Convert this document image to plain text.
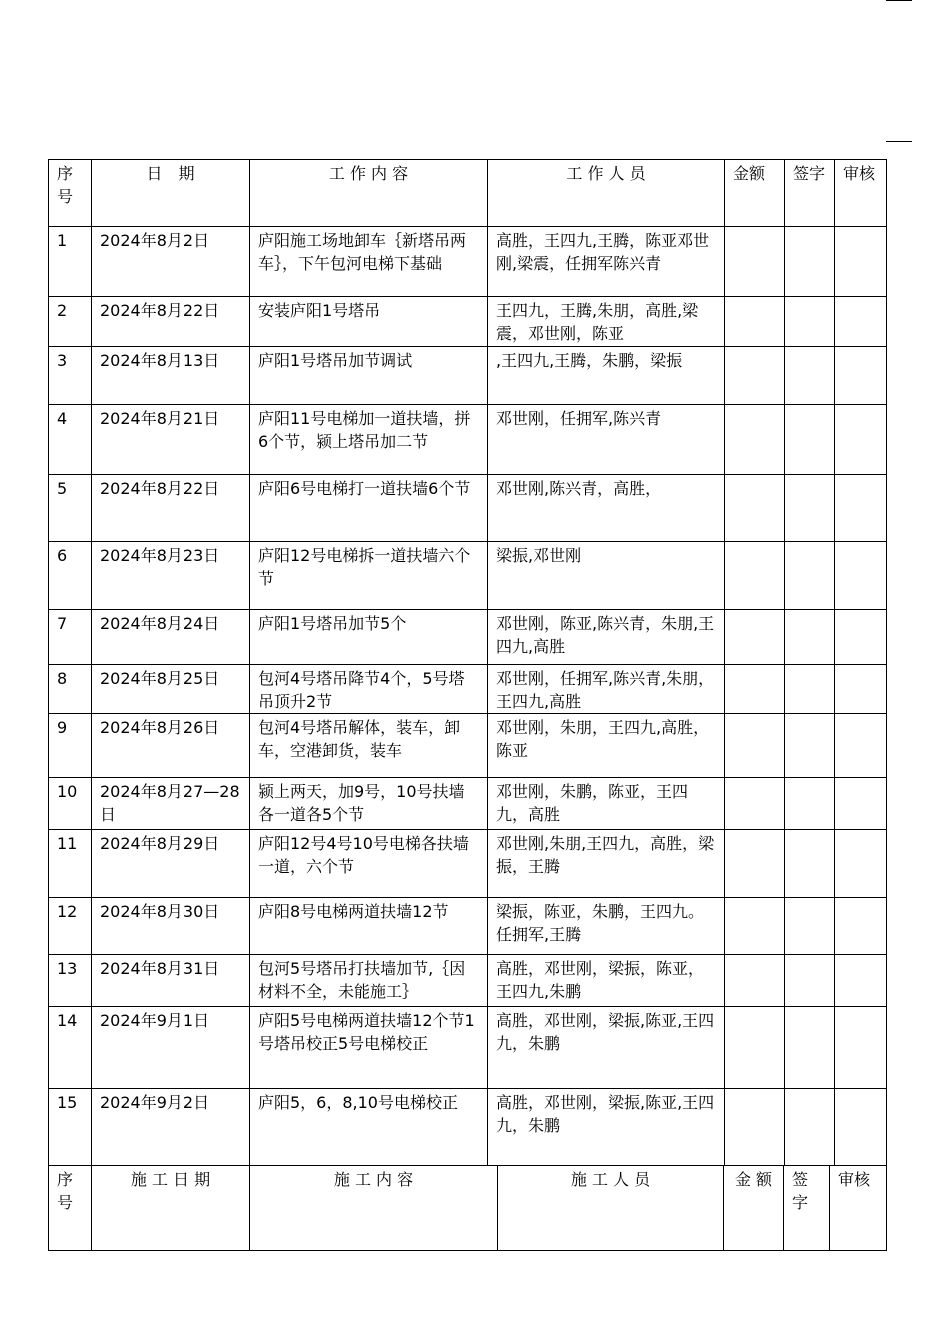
序号	日　期	工 作 内 容	工 作 人 员	金额	签字	审核
1	2024年8月2日	庐阳施工场地卸车｛新塔吊两车｝，下午包河电梯下基础	高胜，王四九,王腾，陈亚邓世刚,梁震，任拥军陈兴青			
2	2024年8月22日	安装庐阳1号塔吊	王四九，王腾,朱朋，高胜,梁震，邓世刚，陈亚			
3	2024年8月13日	庐阳1号塔吊加节调试	,王四九,王腾，朱鹏，梁振			
4	2024年8月21日	庐阳11号电梯加一道扶墙，拼6个节，颍上塔吊加二节	邓世刚，任拥军,陈兴青			
5	2024年8月22日	庐阳6号电梯打一道扶墙6个节	邓世刚,陈兴青，高胜，			
6	2024年8月23日	庐阳12号电梯拆一道扶墙六个节	梁振,邓世刚			
7	2024年8月24日	庐阳1号塔吊加节5个	邓世刚，陈亚,陈兴青，朱朋,王四九,高胜			
8	2024年8月25日	包河4号塔吊降节4个，5号塔吊顶升2节	邓世刚，任拥军,陈兴青,朱朋，王四九,高胜			
9	2024年8月26日	包河4号塔吊解体，装车，卸车，空港卸货，装车	邓世刚，朱朋，王四九,高胜，陈亚			
10	2024年8月27—28日	颍上两天，加9号，10号扶墙各一道各5个节	邓世刚，朱鹏，陈亚，王四九，高胜			
11	2024年8月29日	庐阳12号4号10号电梯各扶墙一道，六个节	邓世刚,朱朋,王四九，高胜，梁振，王腾			
12	2024年8月30日	庐阳8号电梯两道扶墙12节	梁振，陈亚，朱鹏，王四九。任拥军,王腾			
13	2024年8月31日	包河5号塔吊打扶墙加节,｛因材料不全，未能施工｝	高胜，邓世刚，梁振，陈亚，王四九,朱鹏			
14	2024年9月1日	庐阳5号电梯两道扶墙12个节1号塔吊校正5号电梯校正	高胜，邓世刚，梁振,陈亚,王四九，朱鹏			
15	2024年9月2日	庐阳5，6，8,10号电梯校正	高胜，邓世刚，梁振,陈亚,王四九，朱鹏			
序号	施 工 日 期	施 工 内 容	施 工 人 员	金 额	签字	审核
